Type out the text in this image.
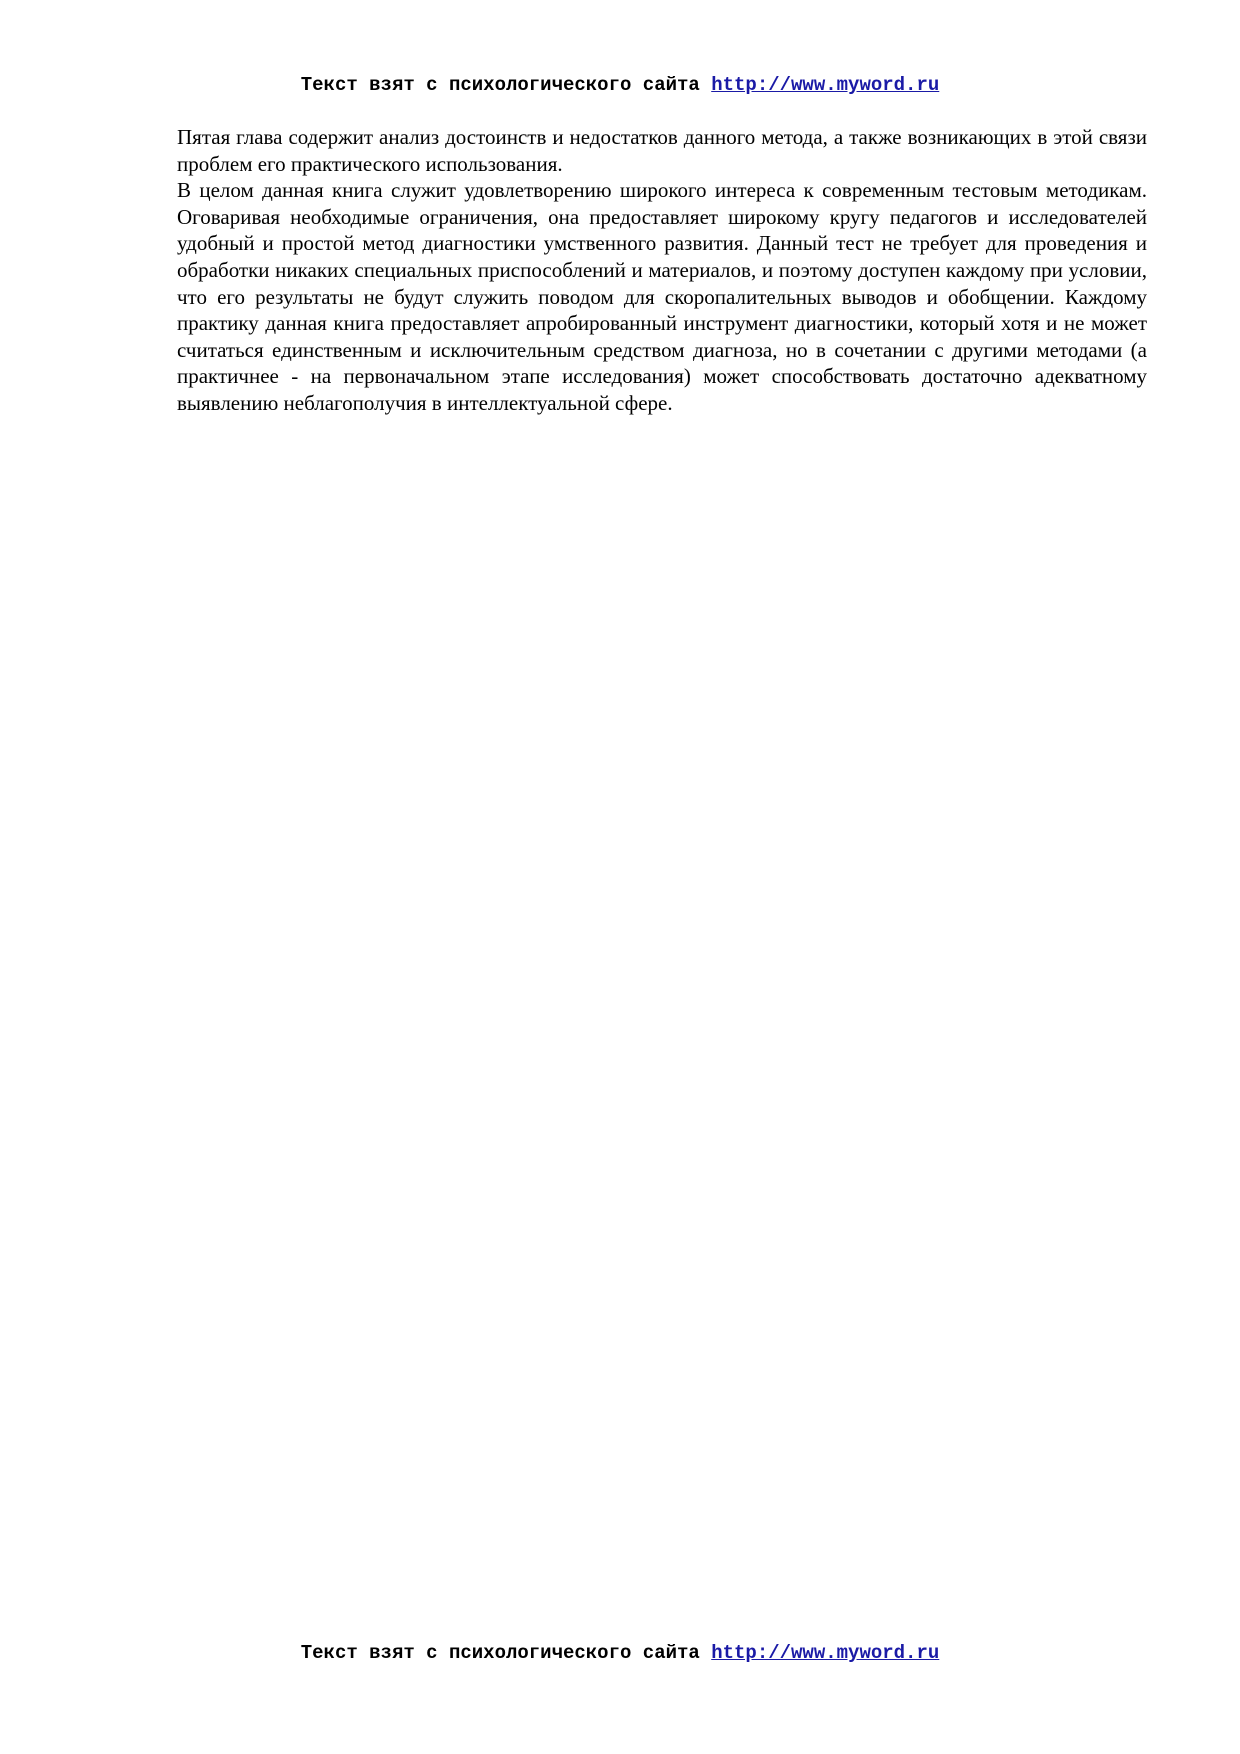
Текст взят с психологического сайта http://www.myword.ru

Пятая глава содержит анализ достоинств и недостатков данного метода, а также возникающих в этой связи проблем его практического использования.

В целом данная книга служит удовлетворению широкого интереса к современным тестовым методикам. Оговаривая необходимые ограничения, она предоставляет широкому кругу педагогов и исследователей удобный и простой метод диагностики умственного развития. Данный тест не требует для проведения и обработки никаких специальных приспособлений и материалов, и поэтому доступен каждому при условии, что его результаты не будут служить поводом для скоропалительных выводов и обобщении. Каждому практику данная книга предоставляет апробированный инструмент диагностики, который хотя и не может считаться единственным и исключительным средством диагноза, но в сочетании с другими методами (а практичнее - на первоначальном этапе исследования) может способствовать достаточно адекватному выявлению неблагополучия в интеллектуальной сфере.

Текст взят с психологического сайта http://www.myword.ru
